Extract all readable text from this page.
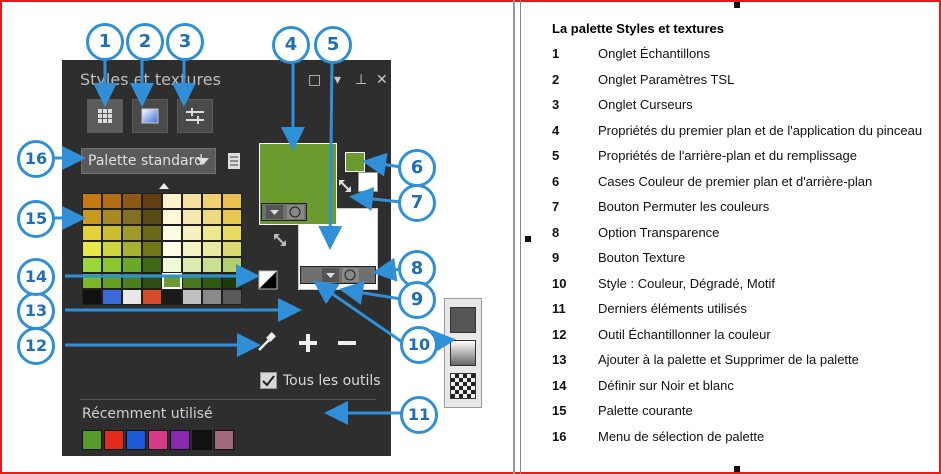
Styles et textures	□ ▾ ⊥ ✕
Palette standard
Tous les outils
Récemment utilisé
1	2	3	4	5
6
7
8
9
10
11
12
13
14
15
16
La palette Styles et textures
1	Onglet Échantillons
2	Onglet Paramètres TSL
3	Onglet Curseurs
4	Propriétés du premier plan et de l'application du pinceau
5	Propriétés de l'arrière-plan et du remplissage
6	Cases Couleur de premier plan et d'arrière-plan
7	Bouton Permuter les couleurs
8	Option Transparence
9	Bouton Texture
10 Style : Couleur, Dégradé, Motif
11 Derniers éléments utilisés
12 Outil Échantillonner la couleur
13 Ajouter à la palette et Supprimer de la palette
14 Définir sur Noir et blanc
15 Palette courante
16 Menu de sélection de palette
